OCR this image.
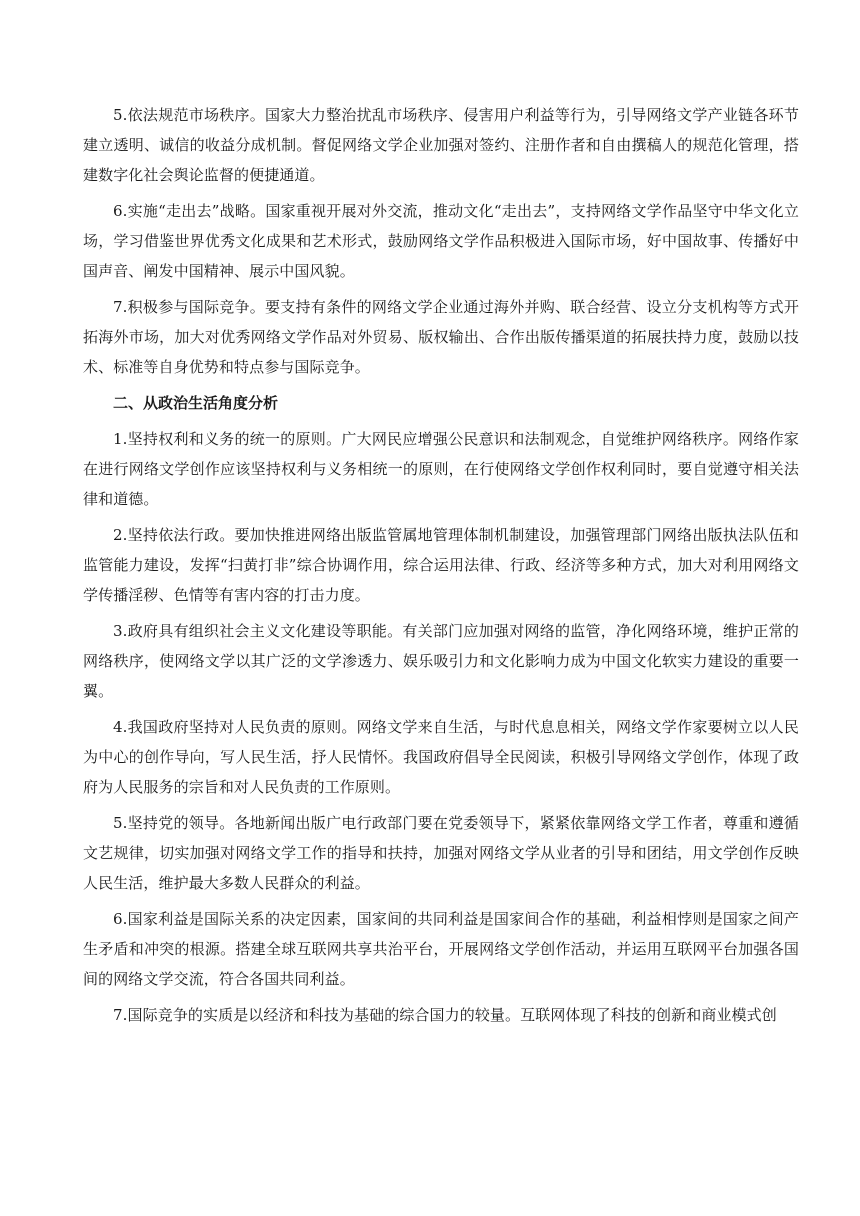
5.依法规范市场秩序。国家大力整治扰乱市场秩序、侵害用户利益等行为，引导网络文学产业链各环节建立透明、诚信的收益分成机制。督促网络文学企业加强对签约、注册作者和自由撰稿人的规范化管理，搭建数字化社会舆论监督的便捷通道。

6.实施“走出去”战略。国家重视开展对外交流，推动文化“走出去”，支持网络文学作品坚守中华文化立场，学习借鉴世界优秀文化成果和艺术形式，鼓励网络文学作品积极进入国际市场，好中国故事、传播好中国声音、阐发中国精神、展示中国风貌。

7.积极参与国际竞争。要支持有条件的网络文学企业通过海外并购、联合经营、设立分支机构等方式开拓海外市场，加大对优秀网络文学作品对外贸易、版权输出、合作出版传播渠道的拓展扶持力度，鼓励以技术、标准等自身优势和特点参与国际竞争。

二、从政治生活角度分析

1.坚持权利和义务的统一的原则。广大网民应增强公民意识和法制观念，自觉维护网络秩序。网络作家在进行网络文学创作应该坚持权利与义务相统一的原则，在行使网络文学创作权利同时，要自觉遵守相关法律和道德。

2.坚持依法行政。要加快推进网络出版监管属地管理体制机制建设，加强管理部门网络出版执法队伍和监管能力建设，发挥“扫黄打非”综合协调作用，综合运用法律、行政、经济等多种方式，加大对利用网络文学传播淫秽、色情等有害内容的打击力度。

3.政府具有组织社会主义文化建设等职能。有关部门应加强对网络的监管，净化网络环境，维护正常的网络秩序，使网络文学以其广泛的文学渗透力、娱乐吸引力和文化影响力成为中国文化软实力建设的重要一翼。

4.我国政府坚持对人民负责的原则。网络文学来自生活，与时代息息相关，网络文学作家要树立以人民为中心的创作导向，写人民生活，抒人民情怀。我国政府倡导全民阅读，积极引导网络文学创作，体现了政府为人民服务的宗旨和对人民负责的工作原则。

5.坚持党的领导。各地新闻出版广电行政部门要在党委领导下，紧紧依靠网络文学工作者，尊重和遵循文艺规律，切实加强对网络文学工作的指导和扶持，加强对网络文学从业者的引导和团结，用文学创作反映人民生活，维护最大多数人民群众的利益。

6.国家利益是国际关系的决定因素，国家间的共同利益是国家间合作的基础，利益相悖则是国家之间产生矛盾和冲突的根源。搭建全球互联网共享共治平台，开展网络文学创作活动，并运用互联网平台加强各国间的网络文学交流，符合各国共同利益。

7.国际竞争的实质是以经济和科技为基础的综合国力的较量。互联网体现了科技的创新和商业模式创
